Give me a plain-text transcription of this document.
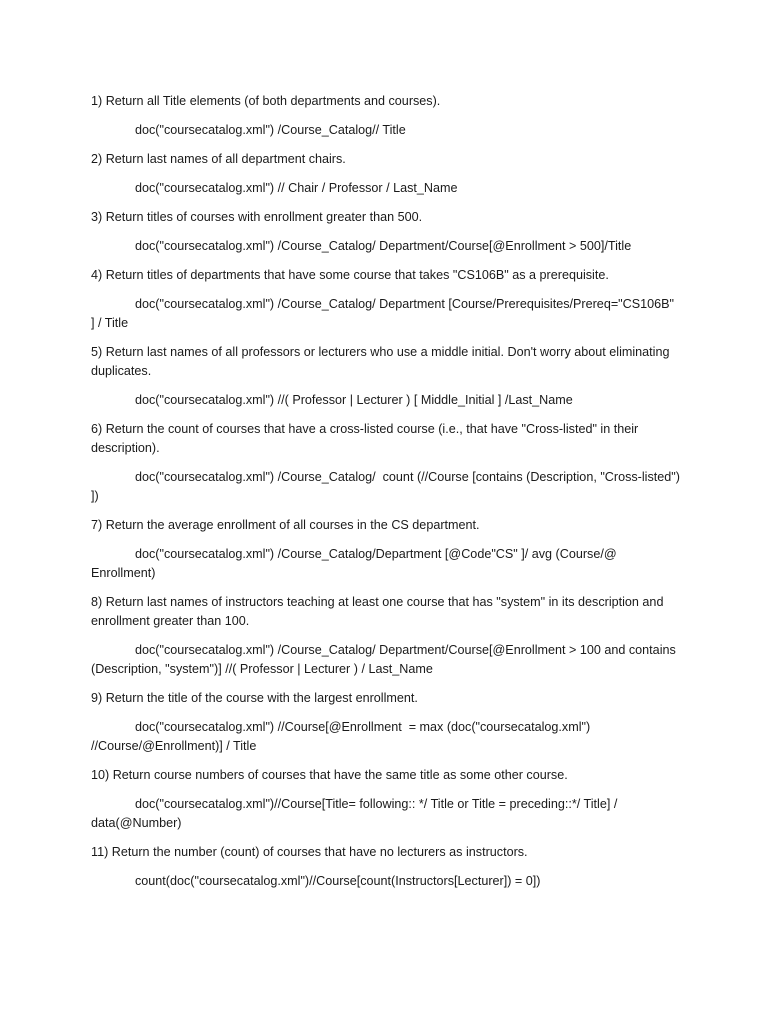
1) Return all Title elements (of both departments and courses).

doc("coursecatalog.xml") /Course_Catalog// Title

2) Return last names of all department chairs.

doc("coursecatalog.xml") // Chair / Professor / Last_Name

3) Return titles of courses with enrollment greater than 500.

doc("coursecatalog.xml") /Course_Catalog/ Department/Course[@Enrollment > 500]/Title

4) Return titles of departments that have some course that takes "CS106B" as a prerequisite.

doc("coursecatalog.xml") /Course_Catalog/ Department [Course/Prerequisites/Prereq="CS106B" ] / Title

5) Return last names of all professors or lecturers who use a middle initial. Don't worry about eliminating duplicates.

doc("coursecatalog.xml") //( Professor | Lecturer ) [ Middle_Initial ] /Last_Name

6) Return the count of courses that have a cross-listed course (i.e., that have "Cross-listed" in their description).

doc("coursecatalog.xml") /Course_Catalog/  count (//Course [contains (Description, "Cross-listed") ])

7) Return the average enrollment of all courses in the CS department.

doc("coursecatalog.xml") /Course_Catalog/Department [@Code"CS" ]/ avg (Course/@ Enrollment)

8) Return last names of instructors teaching at least one course that has "system" in its description and enrollment greater than 100.

doc("coursecatalog.xml") /Course_Catalog/ Department/Course[@Enrollment > 100 and contains (Description, "system")] //( Professor | Lecturer ) / Last_Name

9) Return the title of the course with the largest enrollment.

doc("coursecatalog.xml") //Course[@Enrollment  = max (doc("coursecatalog.xml") //Course/@Enrollment)] / Title

10) Return course numbers of courses that have the same title as some other course.

doc("coursecatalog.xml")//Course[Title= following:: */ Title or Title = preceding::*/ Title] / data(@Number)

11) Return the number (count) of courses that have no lecturers as instructors.

count(doc("coursecatalog.xml")//Course[count(Instructors[Lecturer]) = 0])
